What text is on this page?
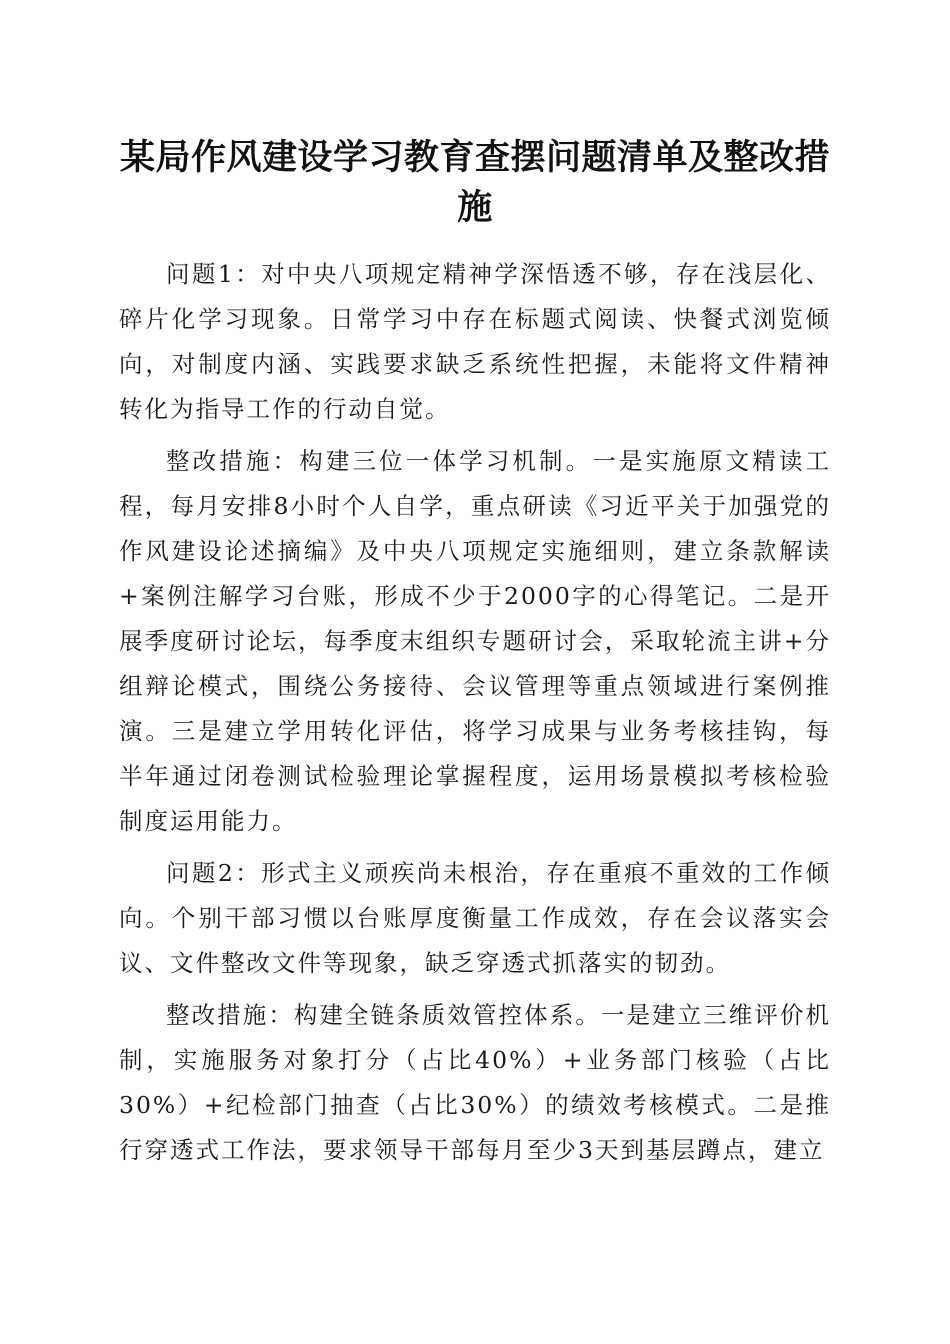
某局作风建设学习教育查摆问题清单及整改措施

问题1：对中央八项规定精神学深悟透不够，存在浅层化、碎片化学习现象。日常学习中存在标题式阅读、快餐式浏览倾向，对制度内涵、实践要求缺乏系统性把握，未能将文件精神转化为指导工作的行动自觉。

整改措施：构建三位一体学习机制。一是实施原文精读工程，每月安排8小时个人自学，重点研读《习近平关于加强党的作风建设论述摘编》及中央八项规定实施细则，建立条款解读+案例注解学习台账，形成不少于2000字的心得笔记。二是开展季度研讨论坛，每季度末组织专题研讨会，采取轮流主讲+分组辩论模式，围绕公务接待、会议管理等重点领域进行案例推演。三是建立学用转化评估，将学习成果与业务考核挂钩，每半年通过闭卷测试检验理论掌握程度，运用场景模拟考核检验制度运用能力。

问题2：形式主义顽疾尚未根治，存在重痕不重效的工作倾向。个别干部习惯以台账厚度衡量工作成效，存在会议落实会议、文件整改文件等现象，缺乏穿透式抓落实的韧劲。

整改措施：构建全链条质效管控体系。一是建立三维评价机制，实施服务对象打分（占比40%）+业务部门核验（占比30%）+纪检部门抽查（占比30%）的绩效考核模式。二是推行穿透式工作法，要求领导干部每月至少3天到基层蹲点，建立
